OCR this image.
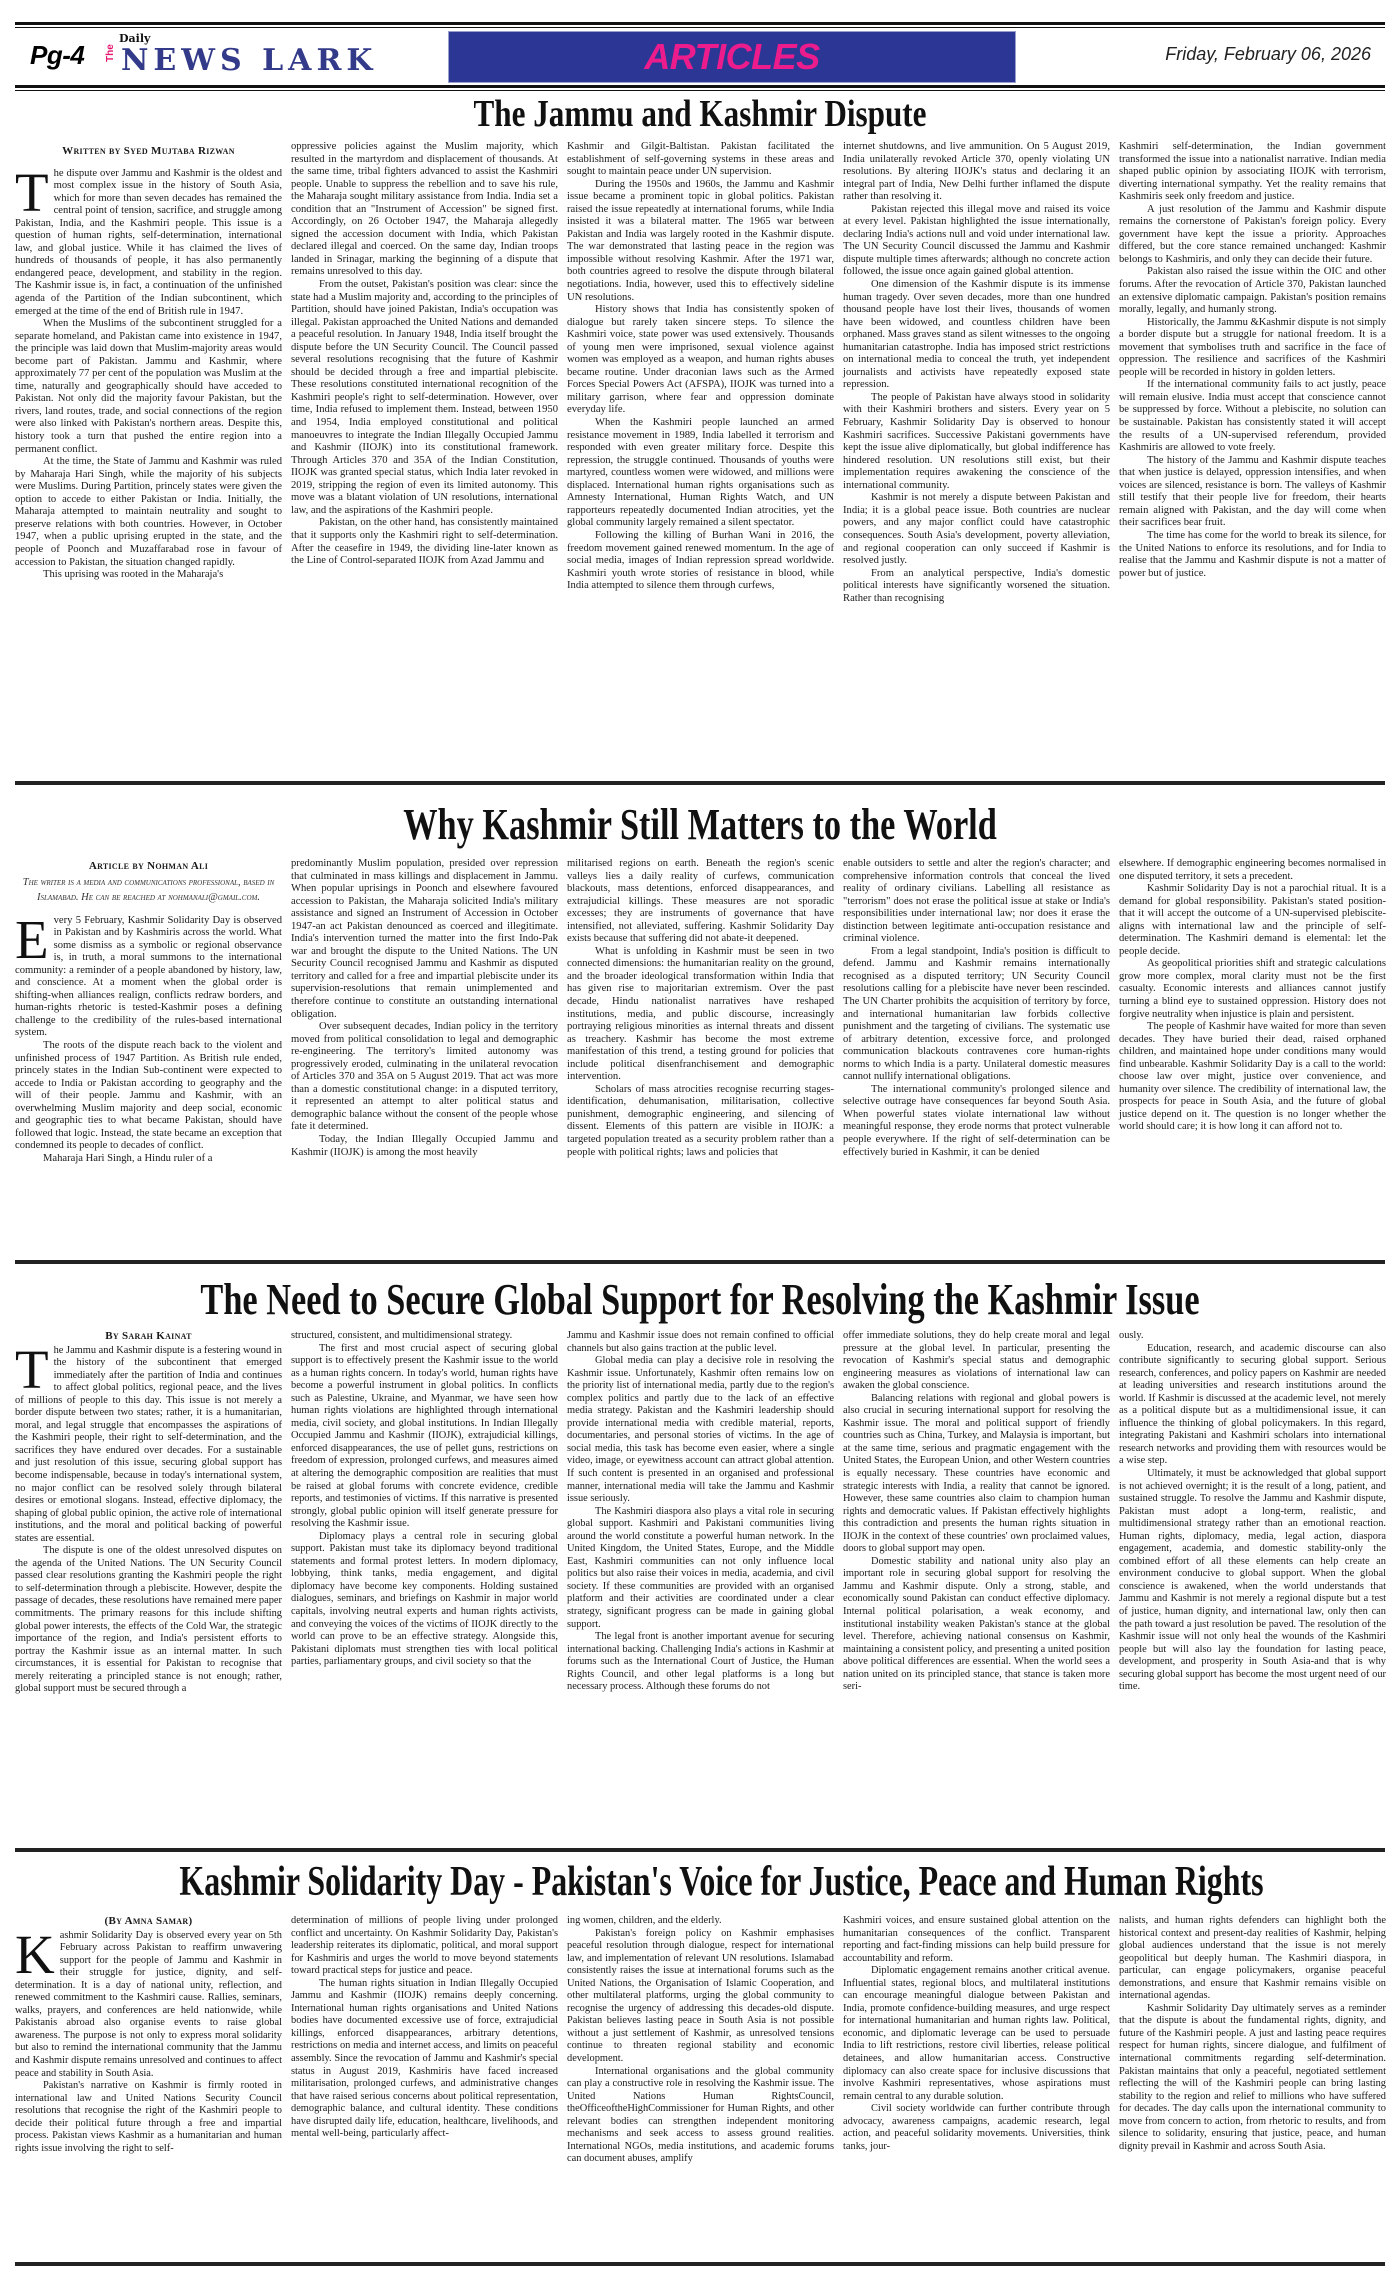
Pg-4
Daily
The NEWS LARK	ARTICLES	Friday, February 06, 2026
The Jammu and Kashmir Dispute
Written by Syed Mujtaba Rizwan
T he dispute over Jammu and Kashmir is the oldest and most complex issue in the history of South Asia, which for more than seven decades has remained the central point of tension, sacrifice, and struggle among Pakistan, India, and the Kashmiri people. This issue is a question of human rights, self-determination, international law, and global justice. While it has claimed the lives of hundreds of thousands of people, it has also permanently endangered peace, development, and stability in the region. The Kashmir issue is, in fact, a continuation of the unfinished agenda of the Partition of the Indian subcontinent, which emerged at the time of the end of British rule in 1947.

When the Muslims of the subcontinent struggled for a separate homeland, and Pakistan came into existence in 1947, the principle was laid down that Muslim-majority areas would become part of Pakistan. Jammu and Kashmir, where approximately 77 per cent of the population was Muslim at the time, naturally and geographically should have acceded to Pakistan. Not only did the majority favour Pakistan, but the rivers, land routes, trade, and social connections of the region were also linked with Pakistan's northern areas. Despite this, history took a turn that pushed the entire region into a permanent conflict.

At the time, the State of Jammu and Kashmir was ruled by Maharaja Hari Singh, while the majority of his subjects were Muslims. During Partition, princely states were given the option to accede to either Pakistan or India. Initially, the Maharaja attempted to maintain neutrality and sought to preserve relations with both countries. However, in October 1947, when a public uprising erupted in the state, and the people of Poonch and Muzaffarabad rose in favour of accession to Pakistan, the situation changed rapidly.

This uprising was rooted in the Maharaja's

oppressive policies against the Muslim majority, which resulted in the martyrdom and displacement of thousands. At the same time, tribal fighters advanced to assist the Kashmiri people. Unable to suppress the rebellion and to save his rule, the Maharaja sought military assistance from India. India set a condition that an "Instrument of Accession" be signed first. Accordingly, on 26 October 1947, the Maharaja allegedly signed the accession document with India, which Pakistan declared illegal and coerced. On the same day, Indian troops landed in Srinagar, marking the beginning of a dispute that remains unresolved to this day.

From the outset, Pakistan's position was clear: since the state had a Muslim majority and, according to the principles of Partition, should have joined Pakistan, India's occupation was illegal. Pakistan approached the United Nations and demanded a peaceful resolution. In January 1948, India itself brought the dispute before the UN Security Council. The Council passed several resolutions recognising that the future of Kashmir should be decided through a free and impartial plebiscite. These resolutions constituted international recognition of the Kashmiri people's right to self-determination. However, over time, India refused to implement them. Instead, between 1950 and 1954, India employed constitutional and political manoeuvres to integrate the Indian Illegally Occupied Jammu and Kashmir (IIOJK) into its constitutional framework. Through Articles 370 and 35A of the Indian Constitution, IIOJK was granted special status, which India later revoked in 2019, stripping the region of even its limited autonomy. This move was a blatant violation of UN resolutions, international law, and the aspirations of the Kashmiri people.

Pakistan, on the other hand, has consistently maintained that it supports only the Kashmiri right to self-determination. After the ceasefire in 1949, the dividing line-later known as the Line of Control-separated IIOJK from Azad Jammu and

Kashmir and Gilgit-Baltistan. Pakistan facilitated the establishment of self-governing systems in these areas and sought to maintain peace under UN supervision.

During the 1950s and 1960s, the Jammu and Kashmir issue became a prominent topic in global politics. Pakistan raised the issue repeatedly at international forums, while India insisted it was a bilateral matter. The 1965 war between Pakistan and India was largely rooted in the Kashmir dispute. The war demonstrated that lasting peace in the region was impossible without resolving Kashmir. After the 1971 war, both countries agreed to resolve the dispute through bilateral negotiations. India, however, used this to effectively sideline UN resolutions.

History shows that India has consistently spoken of dialogue but rarely taken sincere steps. To silence the Kashmiri voice, state power was used extensively. Thousands of young men were imprisoned, sexual violence against women was employed as a weapon, and human rights abuses became routine. Under draconian laws such as the Armed Forces Special Powers Act (AFSPA), IIOJK was turned into a military garrison, where fear and oppression dominate everyday life.

When the Kashmiri people launched an armed resistance movement in 1989, India labelled it terrorism and responded with even greater military force. Despite this repression, the struggle continued. Thousands of youths were martyred, countless women were widowed, and millions were displaced. International human rights organisations such as Amnesty International, Human Rights Watch, and UN rapporteurs repeatedly documented Indian atrocities, yet the global community largely remained a silent spectator.

Following the killing of Burhan Wani in 2016, the freedom movement gained renewed momentum. In the age of social media, images of Indian repression spread worldwide. Kashmiri youth wrote stories of resistance in blood, while India attempted to silence them through curfews,

internet shutdowns, and live ammunition. On 5 August 2019, India unilaterally revoked Article 370, openly violating UN resolutions. By altering IIOJK's status and declaring it an integral part of India, New Delhi further inflamed the dispute rather than resolving it.

Pakistan rejected this illegal move and raised its voice at every level. Pakistan highlighted the issue internationally, declaring India's actions null and void under international law. The UN Security Council discussed the Jammu and Kashmir dispute multiple times afterwards; although no concrete action followed, the issue once again gained global attention.

One dimension of the Kashmir dispute is its immense human tragedy. Over seven decades, more than one hundred thousand people have lost their lives, thousands of women have been widowed, and countless children have been orphaned. Mass graves stand as silent witnesses to the ongoing humanitarian catastrophe. India has imposed strict restrictions on international media to conceal the truth, yet independent journalists and activists have repeatedly exposed state repression.

The people of Pakistan have always stood in solidarity with their Kashmiri brothers and sisters. Every year on 5 February, Kashmir Solidarity Day is observed to honour Kashmiri sacrifices. Successive Pakistani governments have kept the issue alive diplomatically, but global indifference has hindered resolution. UN resolutions still exist, but their implementation requires awakening the conscience of the international community.

Kashmir is not merely a dispute between Pakistan and India; it is a global peace issue. Both countries are nuclear powers, and any major conflict could have catastrophic consequences. South Asia's development, poverty alleviation, and regional cooperation can only succeed if Kashmir is resolved justly.

From an analytical perspective, India's domestic political interests have significantly worsened the situation. Rather than recognising

Kashmiri self-determination, the Indian government transformed the issue into a nationalist narrative. Indian media shaped public opinion by associating IIOJK with terrorism, diverting international sympathy. Yet the reality remains that Kashmiris seek only freedom and justice.

A just resolution of the Jammu and Kashmir dispute remains the cornerstone of Pakistan's foreign policy. Every government have kept the issue a priority. Approaches differed, but the core stance remained unchanged: Kashmir belongs to Kashmiris, and only they can decide their future.

Pakistan also raised the issue within the OIC and other forums. After the revocation of Article 370, Pakistan launched an extensive diplomatic campaign. Pakistan's position remains morally, legally, and humanly strong.

Historically, the Jammu &Kashmir dispute is not simply a border dispute but a struggle for national freedom. It is a movement that symbolises truth and sacrifice in the face of oppression. The resilience and sacrifices of the Kashmiri people will be recorded in history in golden letters.

If the international community fails to act justly, peace will remain elusive. India must accept that conscience cannot be suppressed by force. Without a plebiscite, no solution can be sustainable. Pakistan has consistently stated it will accept the results of a UN-supervised referendum, provided Kashmiris are allowed to vote freely.

The history of the Jammu and Kashmir dispute teaches that when justice is delayed, oppression intensifies, and when voices are silenced, resistance is born. The valleys of Kashmir still testify that their people live for freedom, their hearts remain aligned with Pakistan, and the day will come when their sacrifices bear fruit.

The time has come for the world to break its silence, for the United Nations to enforce its resolutions, and for India to realise that the Jammu and Kashmir dispute is not a matter of power but of justice.

Why Kashmir Still Matters to the World
Article by Nohman Ali
The writer is a media and communications professional, based in Islamabad. He can be reached at nohmanali@gmail.com.
E very 5 February, Kashmir Solidarity Day is observed in Pakistan and by Kashmiris across the world. What some dismiss as a symbolic or regional observance is, in truth, a moral summons to the international community: a reminder of a people abandoned by history, law, and conscience. At a moment when the global order is shifting-when alliances realign, conflicts redraw borders, and human-rights rhetoric is tested-Kashmir poses a defining challenge to the credibility of the rules-based international system.

The roots of the dispute reach back to the violent and unfinished process of 1947 Partition. As British rule ended, princely states in the Indian Sub-continent were expected to accede to India or Pakistan according to geography and the will of their people. Jammu and Kashmir, with an overwhelming Muslim majority and deep social, economic and geographic ties to what became Pakistan, should have followed that logic. Instead, the state became an exception that condemned its people to decades of conflict.

Maharaja Hari Singh, a Hindu ruler of a

predominantly Muslim population, presided over repression that culminated in mass killings and displacement in Jammu. When popular uprisings in Poonch and elsewhere favoured accession to Pakistan, the Maharaja solicited India's military assistance and signed an Instrument of Accession in October 1947-an act Pakistan denounced as coerced and illegitimate. India's intervention turned the matter into the first Indo-Pak war and brought the dispute to the United Nations. The UN Security Council recognised Jammu and Kashmir as disputed territory and called for a free and impartial plebiscite under its supervision-resolutions that remain unimplemented and therefore continue to constitute an outstanding international obligation.

Over subsequent decades, Indian policy in the territory moved from political consolidation to legal and demographic re-engineering. The territory's limited autonomy was progressively eroded, culminating in the unilateral revocation of Articles 370 and 35A on 5 August 2019. That act was more than a domestic constitutional change: in a disputed territory, it represented an attempt to alter political status and demographic balance without the consent of the people whose fate it determined.

Today, the Indian Illegally Occupied Jammu and Kashmir (IIOJK) is among the most heavily

militarised regions on earth. Beneath the region's scenic valleys lies a daily reality of curfews, communication blackouts, mass detentions, enforced disappearances, and extrajudicial killings. These measures are not sporadic excesses; they are instruments of governance that have intensified, not alleviated, suffering. Kashmir Solidarity Day exists because that suffering did not abate-it deepened.

What is unfolding in Kashmir must be seen in two connected dimensions: the humanitarian reality on the ground, and the broader ideological transformation within India that has given rise to majoritarian extremism. Over the past decade, Hindu nationalist narratives have reshaped institutions, media, and public discourse, increasingly portraying religious minorities as internal threats and dissent as treachery. Kashmir has become the most extreme manifestation of this trend, a testing ground for policies that include political disenfranchisement and demographic intervention.

Scholars of mass atrocities recognise recurring stages-identification, dehumanisation, militarisation, collective punishment, demographic engineering, and silencing of dissent. Elements of this pattern are visible in IIOJK: a targeted population treated as a security problem rather than a people with political rights; laws and policies that

enable outsiders to settle and alter the region's character; and comprehensive information controls that conceal the lived reality of ordinary civilians. Labelling all resistance as "terrorism" does not erase the political issue at stake or India's responsibilities under international law; nor does it erase the distinction between legitimate anti-occupation resistance and criminal violence.

From a legal standpoint, India's position is difficult to defend. Jammu and Kashmir remains internationally recognised as a disputed territory; UN Security Council resolutions calling for a plebiscite have never been rescinded. The UN Charter prohibits the acquisition of territory by force, and international humanitarian law forbids collective punishment and the targeting of civilians. The systematic use of arbitrary detention, excessive force, and prolonged communication blackouts contravenes core human-rights norms to which India is a party. Unilateral domestic measures cannot nullify international obligations.

The international community's prolonged silence and selective outrage have consequences far beyond South Asia. When powerful states violate international law without meaningful response, they erode norms that protect vulnerable people everywhere. If the right of self-determination can be effectively buried in Kashmir, it can be denied

elsewhere. If demographic engineering becomes normalised in one disputed territory, it sets a precedent.

Kashmir Solidarity Day is not a parochial ritual. It is a demand for global responsibility. Pakistan's stated position-that it will accept the outcome of a UN-supervised plebiscite-aligns with international law and the principle of self-determination. The Kashmiri demand is elemental: let the people decide.

As geopolitical priorities shift and strategic calculations grow more complex, moral clarity must not be the first casualty. Economic interests and alliances cannot justify turning a blind eye to sustained oppression. History does not forgive neutrality when injustice is plain and persistent.

The people of Kashmir have waited for more than seven decades. They have buried their dead, raised orphaned children, and maintained hope under conditions many would find unbearable. Kashmir Solidarity Day is a call to the world: choose law over might, justice over convenience, and humanity over silence. The credibility of international law, the prospects for peace in South Asia, and the future of global justice depend on it. The question is no longer whether the world should care; it is how long it can afford not to.

The Need to Secure Global Support for Resolving the Kashmir Issue
By Sarah Kainat
T he Jammu and Kashmir dispute is a festering wound in the history of the subcontinent that emerged immediately after the partition of India and continues to affect global politics, regional peace, and the lives of millions of people to this day. This issue is not merely a border dispute between two states; rather, it is a humanitarian, moral, and legal struggle that encompasses the aspirations of the Kashmiri people, their right to self-determination, and the sacrifices they have endured over decades. For a sustainable and just resolution of this issue, securing global support has become indispensable, because in today's international system, no major conflict can be resolved solely through bilateral desires or emotional slogans. Instead, effective diplomacy, the shaping of global public opinion, the active role of international institutions, and the moral and political backing of powerful states are essential.

The dispute is one of the oldest unresolved disputes on the agenda of the United Nations. The UN Security Council passed clear resolutions granting the Kashmiri people the right to self-determination through a plebiscite. However, despite the passage of decades, these resolutions have remained mere paper commitments. The primary reasons for this include shifting global power interests, the effects of the Cold War, the strategic importance of the region, and India's persistent efforts to portray the Kashmir issue as an internal matter. In such circumstances, it is essential for Pakistan to recognise that merely reiterating a principled stance is not enough; rather, global support must be secured through a

structured, consistent, and multidimensional strategy.

The first and most crucial aspect of securing global support is to effectively present the Kashmir issue to the world as a human rights concern. In today's world, human rights have become a powerful instrument in global politics. In conflicts such as Palestine, Ukraine, and Myanmar, we have seen how human rights violations are highlighted through international media, civil society, and global institutions. In Indian Illegally Occupied Jammu and Kashmir (IIOJK), extrajudicial killings, enforced disappearances, the use of pellet guns, restrictions on freedom of expression, prolonged curfews, and measures aimed at altering the demographic composition are realities that must be raised at global forums with concrete evidence, credible reports, and testimonies of victims. If this narrative is presented strongly, global public opinion will itself generate pressure for resolving the Kashmir issue.

Diplomacy plays a central role in securing global support. Pakistan must take its diplomacy beyond traditional statements and formal protest letters. In modern diplomacy, lobbying, think tanks, media engagement, and digital diplomacy have become key components. Holding sustained dialogues, seminars, and briefings on Kashmir in major world capitals, involving neutral experts and human rights activists, and conveying the voices of the victims of IIOJK directly to the world can prove to be an effective strategy. Alongside this, Pakistani diplomats must strengthen ties with local political parties, parliamentary groups, and civil society so that the

Jammu and Kashmir issue does not remain confined to official channels but also gains traction at the public level.

Global media can play a decisive role in resolving the Kashmir issue. Unfortunately, Kashmir often remains low on the priority list of international media, partly due to the region's complex politics and partly due to the lack of an effective media strategy. Pakistan and the Kashmiri leadership should provide international media with credible material, reports, documentaries, and personal stories of victims. In the age of social media, this task has become even easier, where a single video, image, or eyewitness account can attract global attention. If such content is presented in an organised and professional manner, international media will take the Jammu and Kashmir issue seriously.

The Kashmiri diaspora also plays a vital role in securing global support. Kashmiri and Pakistani communities living around the world constitute a powerful human network. In the United Kingdom, the United States, Europe, and the Middle East, Kashmiri communities can not only influence local politics but also raise their voices in media, academia, and civil society. If these communities are provided with an organised platform and their activities are coordinated under a clear strategy, significant progress can be made in gaining global support.

The legal front is another important avenue for securing international backing. Challenging India's actions in Kashmir at forums such as the International Court of Justice, the Human Rights Council, and other legal platforms is a long but necessary process. Although these forums do not

offer immediate solutions, they do help create moral and legal pressure at the global level. In particular, presenting the revocation of Kashmir's special status and demographic engineering measures as violations of international law can awaken the global conscience.

Balancing relations with regional and global powers is also crucial in securing international support for resolving the Kashmir issue. The moral and political support of friendly countries such as China, Turkey, and Malaysia is important, but at the same time, serious and pragmatic engagement with the United States, the European Union, and other Western countries is equally necessary. These countries have economic and strategic interests with India, a reality that cannot be ignored. However, these same countries also claim to champion human rights and democratic values. If Pakistan effectively highlights this contradiction and presents the human rights situation in IIOJK in the context of these countries' own proclaimed values, doors to global support may open.

Domestic stability and national unity also play an important role in securing global support for resolving the Jammu and Kashmir dispute. Only a strong, stable, and economically sound Pakistan can conduct effective diplomacy. Internal political polarisation, a weak economy, and institutional instability weaken Pakistan's stance at the global level. Therefore, achieving national consensus on Kashmir, maintaining a consistent policy, and presenting a united position above political differences are essential. When the world sees a nation united on its principled stance, that stance is taken more seri-

ously.

Education, research, and academic discourse can also contribute significantly to securing global support. Serious research, conferences, and policy papers on Kashmir are needed at leading universities and research institutions around the world. If Kashmir is discussed at the academic level, not merely as a political dispute but as a multidimensional issue, it can influence the thinking of global policymakers. In this regard, integrating Pakistani and Kashmiri scholars into international research networks and providing them with resources would be a wise step.

Ultimately, it must be acknowledged that global support is not achieved overnight; it is the result of a long, patient, and sustained struggle. To resolve the Jammu and Kashmir dispute, Pakistan must adopt a long-term, realistic, and multidimensional strategy rather than an emotional reaction. Human rights, diplomacy, media, legal action, diaspora engagement, academia, and domestic stability-only the combined effort of all these elements can help create an environment conducive to global support. When the global conscience is awakened, when the world understands that Jammu and Kashmir is not merely a regional dispute but a test of justice, human dignity, and international law, only then can the path toward a just resolution be paved. The resolution of the Kashmir issue will not only heal the wounds of the Kashmiri people but will also lay the foundation for lasting peace, development, and prosperity in South Asia-and that is why securing global support has become the most urgent need of our time.

Kashmir Solidarity Day - Pakistan's Voice for Justice, Peace and Human Rights
(By Amna Samar)
K ashmir Solidarity Day is observed every year on 5th February across Pakistan to reaffirm unwavering support for the people of Jammu and Kashmir in their struggle for justice, dignity, and self-determination. It is a day of national unity, reflection, and renewed commitment to the Kashmiri cause. Rallies, seminars, walks, prayers, and conferences are held nationwide, while Pakistanis abroad also organise events to raise global awareness. The purpose is not only to express moral solidarity but also to remind the international community that the Jammu and Kashmir dispute remains unresolved and continues to affect peace and stability in South Asia.

Pakistan's narrative on Kashmir is firmly rooted in international law and United Nations Security Council resolutions that recognise the right of the Kashmiri people to decide their political future through a free and impartial process. Pakistan views Kashmir as a humanitarian and human rights issue involving the right to self-

determination of millions of people living under prolonged conflict and uncertainty. On Kashmir Solidarity Day, Pakistan's leadership reiterates its diplomatic, political, and moral support for Kashmiris and urges the world to move beyond statements toward practical steps for justice and peace.

The human rights situation in Indian Illegally Occupied Jammu and Kashmir (IIOJK) remains deeply concerning. International human rights organisations and United Nations bodies have documented excessive use of force, extrajudicial killings, enforced disappearances, arbitrary detentions, restrictions on media and internet access, and limits on peaceful assembly. Since the revocation of Jammu and Kashmir's special status in August 2019, Kashmiris have faced increased militarisation, prolonged curfews, and administrative changes that have raised serious concerns about political representation, demographic balance, and cultural identity. These conditions have disrupted daily life, education, healthcare, livelihoods, and mental well-being, particularly affect-

ing women, children, and the elderly.

Pakistan's foreign policy on Kashmir emphasises peaceful resolution through dialogue, respect for international law, and implementation of relevant UN resolutions. Islamabad consistently raises the issue at international forums such as the United Nations, the Organisation of Islamic Cooperation, and other multilateral platforms, urging the global community to recognise the urgency of addressing this decades-old dispute. Pakistan believes lasting peace in South Asia is not possible without a just settlement of Kashmir, as unresolved tensions continue to threaten regional stability and economic development.

International organisations and the global community can play a constructive role in resolving the Kashmir issue. The United Nations Human RightsCouncil, theOfficeoftheHighCommissioner for Human Rights, and other relevant bodies can strengthen independent monitoring mechanisms and seek access to assess ground realities. International NGOs, media institutions, and academic forums can document abuses, amplify

Kashmiri voices, and ensure sustained global attention on the humanitarian consequences of the conflict. Transparent reporting and fact-finding missions can help build pressure for accountability and reform.

Diplomatic engagement remains another critical avenue. Influential states, regional blocs, and multilateral institutions can encourage meaningful dialogue between Pakistan and India, promote confidence-building measures, and urge respect for international humanitarian and human rights law. Political, economic, and diplomatic leverage can be used to persuade India to lift restrictions, restore civil liberties, release political detainees, and allow humanitarian access. Constructive diplomacy can also create space for inclusive discussions that involve Kashmiri representatives, whose aspirations must remain central to any durable solution.

Civil society worldwide can further contribute through advocacy, awareness campaigns, academic research, legal action, and peaceful solidarity movements. Universities, think tanks, jour-

nalists, and human rights defenders can highlight both the historical context and present-day realities of Kashmir, helping global audiences understand that the issue is not merely geopolitical but deeply human. The Kashmiri diaspora, in particular, can engage policymakers, organise peaceful demonstrations, and ensure that Kashmir remains visible on international agendas.

Kashmir Solidarity Day ultimately serves as a reminder that the dispute is about the fundamental rights, dignity, and future of the Kashmiri people. A just and lasting peace requires respect for human rights, sincere dialogue, and fulfilment of international commitments regarding self-determination. Pakistan maintains that only a peaceful, negotiated settlement reflecting the will of the Kashmiri people can bring lasting stability to the region and relief to millions who have suffered for decades. The day calls upon the international community to move from concern to action, from rhetoric to results, and from silence to solidarity, ensuring that justice, peace, and human dignity prevail in Kashmir and across South Asia.
